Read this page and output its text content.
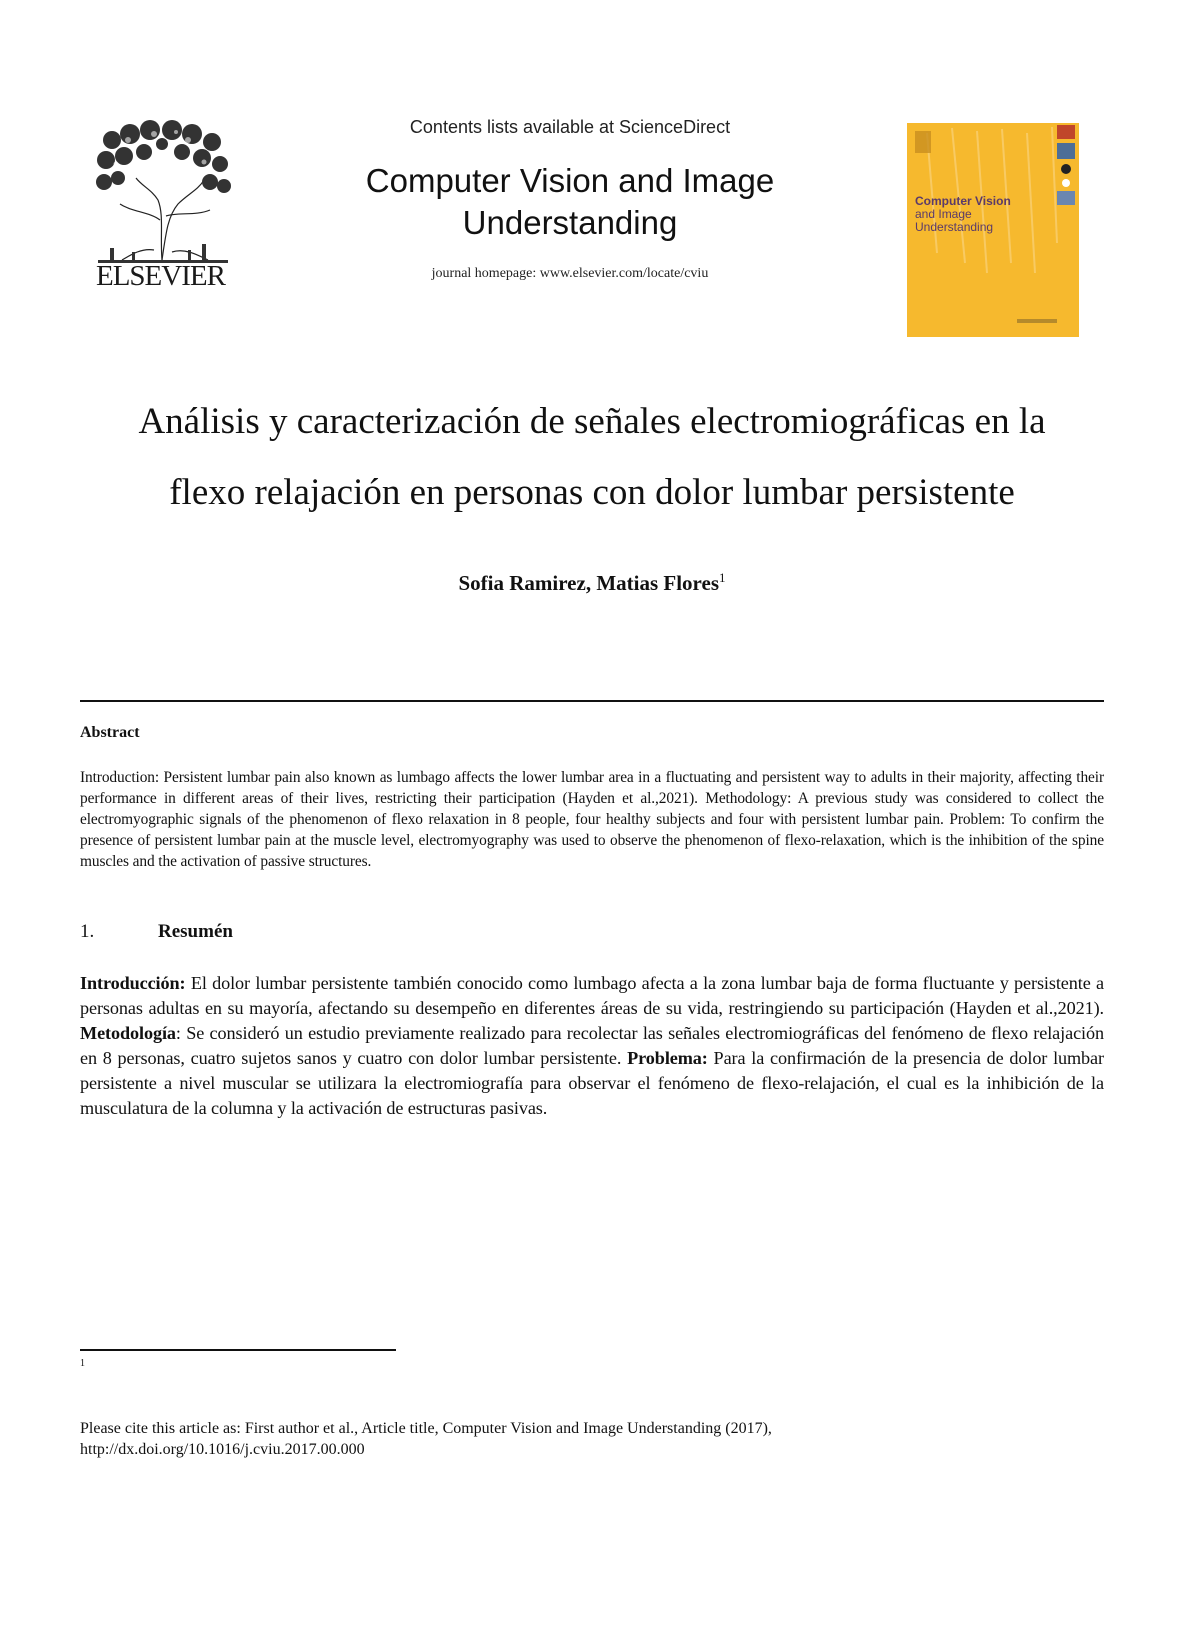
ELSEVIER
Contents lists available at ScienceDirect
Computer Vision and Image
Understanding
journal homepage: www.elsevier.com/locate/cviu
Computer Vision
and Image
Understanding
Análisis y caracterización de señales electromiográficas en la
flexo relajación en personas con dolor lumbar persistente
Sofia Ramirez, Matias Flores$^1$
Abstract
Introduction: Persistent lumbar pain also known as lumbago affects the lower lumbar area in a fluctuating and persistent way to adults in their majority, affecting their performance in different areas of their lives, restricting their participation (Hayden et al.,2021). Methodology: A previous study was considered to collect the electromyographic signals of the phenomenon of flexo relaxation in 8 people, four healthy subjects and four with persistent lumbar pain. Problem: To confirm the presence of persistent lumbar pain at the muscle level, electromyography was used to observe the phenomenon of flexo-relaxation, which is the inhibition of the spine muscles and the activation of passive structures.
1.	Resumén
Introducción: El dolor lumbar persistente también conocido como lumbago afecta a la zona lumbar baja de forma fluctuante y persistente a personas adultas en su mayoría, afectando su desempeño en diferentes áreas de su vida, restringiendo su participación (Hayden et al.,2021). Metodología: Se consideró un estudio previamente realizado para recolectar las señales electromiográficas del fenómeno de flexo relajación en 8 personas, cuatro sujetos sanos y cuatro con dolor lumbar persistente. Problema: Para la confirmación de la presencia de dolor lumbar persistente a nivel muscular se utilizara la electromiografía para observar el fenómeno de flexo-relajación, el cual es la inhibición de la musculatura de la columna y la activación de estructuras pasivas.
1
Please cite this article as: First author et al., Article title, Computer Vision and Image Understanding (2017),
http://dx.doi.org/10.1016/j.cviu.2017.00.000
